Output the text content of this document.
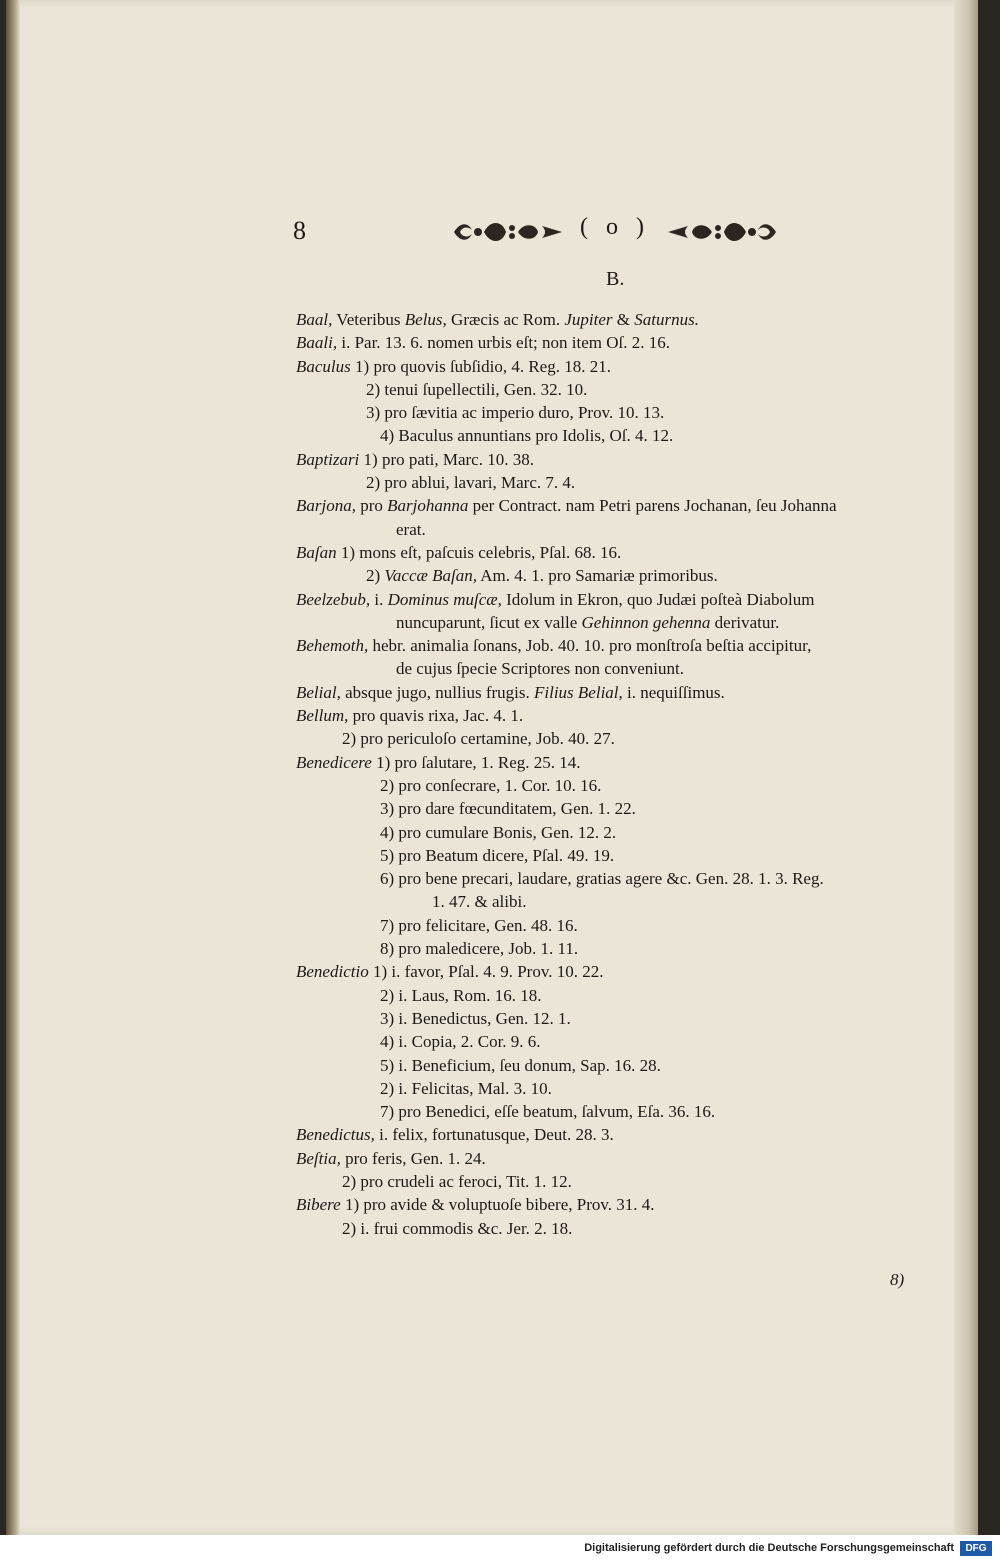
8	( o )
B.
Baal, Veteribus Belus, Græcis ac Rom. Jupiter & Saturnus.
Baali, i. Par. 13. 6. nomen urbis eſt; non item Oſ. 2. 16.
Baculus 1) pro quovis ſubſidio, 4. Reg. 18. 21.
2) tenui ſupellectili, Gen. 32. 10.
3) pro ſævitia ac imperio duro, Prov. 10. 13.
4) Baculus annuntians pro Idolis, Oſ. 4. 12.
Baptizari 1) pro pati, Marc. 10. 38.
2) pro ablui, lavari, Marc. 7. 4.
Barjona, pro Barjohanna per Contract. nam Petri parens Jochanan, ſeu Johanna
erat.
Baſan 1) mons eſt, paſcuis celebris, Pſal. 68. 16.
2) Vaccæ Baſan, Am. 4. 1. pro Samariæ primoribus.
Beelzebub, i. Dominus muſcæ, Idolum in Ekron, quo Judæi poſteà Diabolum
nuncuparunt, ſicut ex valle Gehinnon gehenna derivatur.
Behemoth, hebr. animalia ſonans, Job. 40. 10. pro monſtroſa beſtia accipitur,
de cujus ſpecie Scriptores non conveniunt.
Belial, absque jugo, nullius frugis. Filius Belial, i. nequiſſimus.
Bellum, pro quavis rixa, Jac. 4. 1.
2) pro periculoſo certamine, Job. 40. 27.
Benedicere 1) pro ſalutare, 1. Reg. 25. 14.
2) pro conſecrare, 1. Cor. 10. 16.
3) pro dare fœcunditatem, Gen. 1. 22.
4) pro cumulare Bonis, Gen. 12. 2.
5) pro Beatum dicere, Pſal. 49. 19.
6) pro bene precari, laudare, gratias agere &c. Gen. 28. 1. 3. Reg.
1. 47. & alibi.
7) pro felicitare, Gen. 48. 16.
8) pro maledicere, Job. 1. 11.
Benedictio 1) i. favor, Pſal. 4. 9. Prov. 10. 22.
2) i. Laus, Rom. 16. 18.
3) i. Benedictus, Gen. 12. 1.
4) i. Copia, 2. Cor. 9. 6.
5) i. Beneficium, ſeu donum, Sap. 16. 28.
2) i. Felicitas, Mal. 3. 10.
7) pro Benedici, eſſe beatum, ſalvum, Eſa. 36. 16.
Benedictus, i. felix, fortunatusque, Deut. 28. 3.
Beſtia, pro feris, Gen. 1. 24.
2) pro crudeli ac feroci, Tit. 1. 12.
Bibere 1) pro avide & voluptuoſe bibere, Prov. 31. 4.
2) i. frui commodis &c. Jer. 2. 18.
8)
Digitalisierung gefördert durch die Deutsche Forschungsgemeinschaft	DFG
